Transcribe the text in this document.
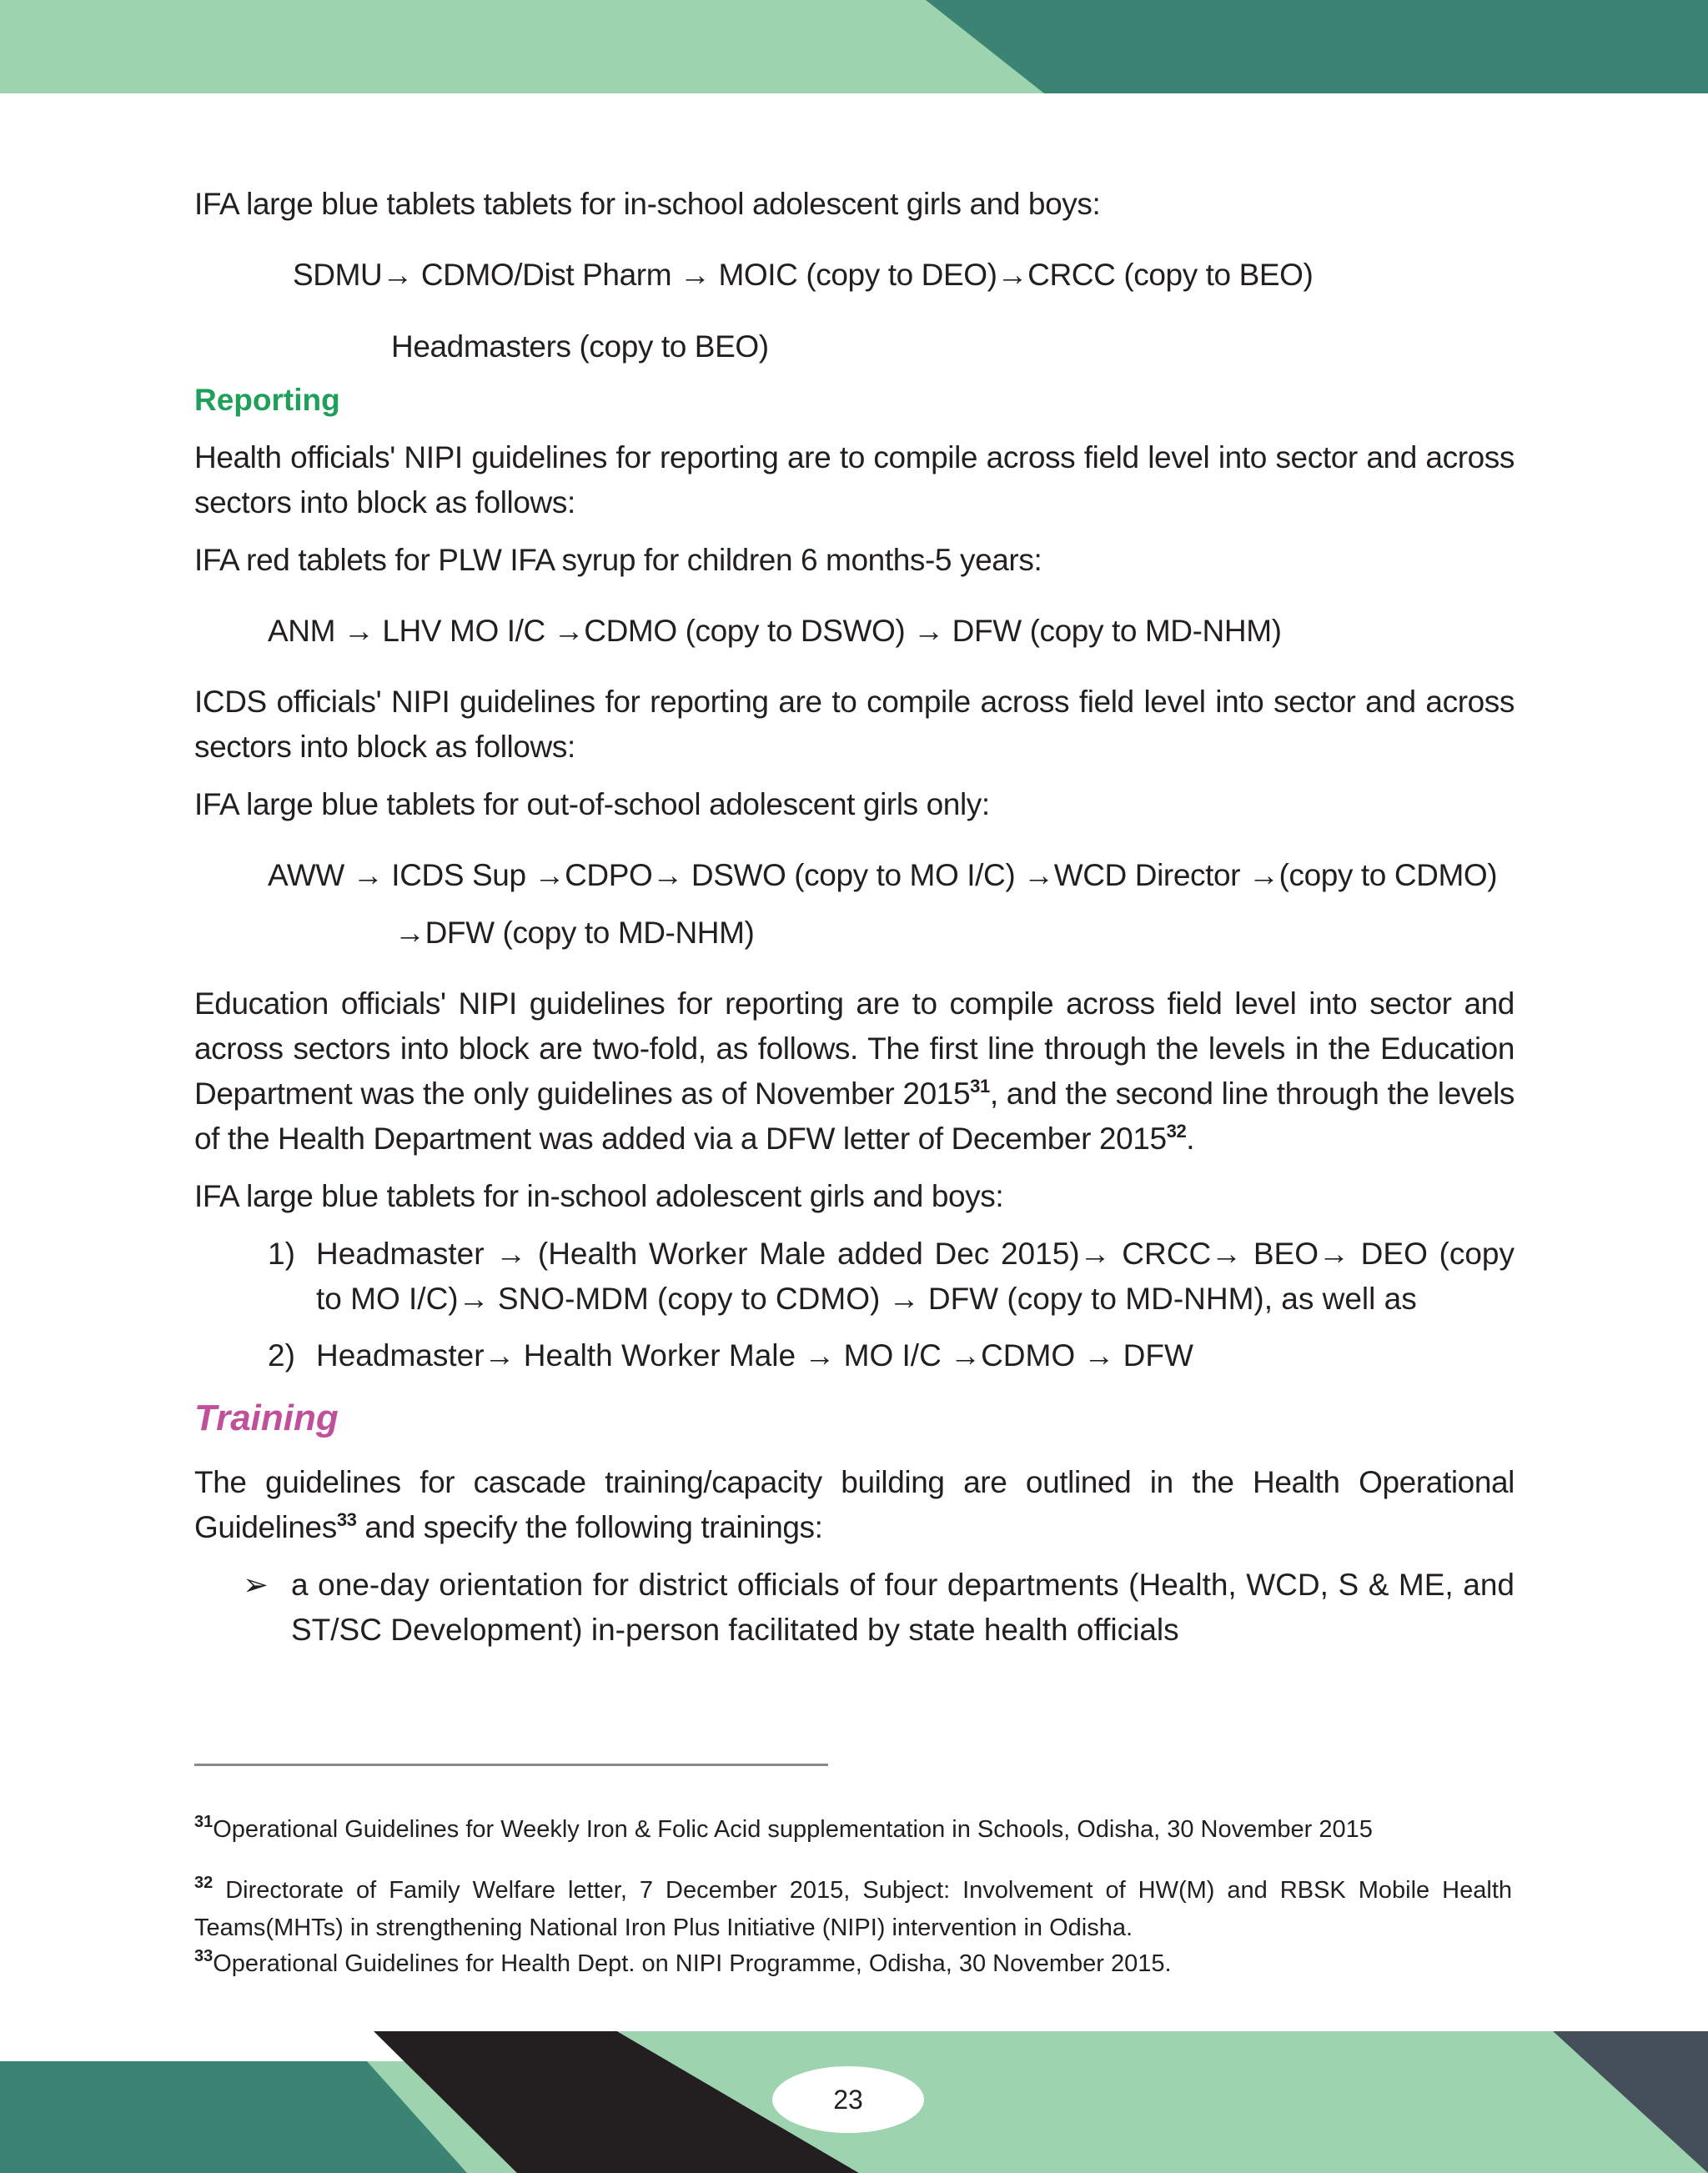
IFA large blue tablets tablets for in-school adolescent girls and boys:
SDMU→ CDMO/Dist Pharm → MOIC (copy to DEO)→CRCC (copy to BEO)
Headmasters (copy to BEO)
Reporting
Health officials' NIPI guidelines for reporting are to compile across field level into sector and across sectors into block as follows:
IFA red tablets for PLW IFA syrup for children 6 months-5 years:
ANM → LHV MO I/C →CDMO (copy to DSWO) → DFW (copy to MD-NHM)
ICDS officials' NIPI guidelines for reporting are to compile across field level into sector and across sectors into block as follows:
IFA large blue tablets for out-of-school adolescent girls only:
AWW → ICDS Sup →CDPO→ DSWO (copy to MO I/C) →WCD Director →(copy to CDMO)
→DFW (copy to MD-NHM)
Education officials' NIPI guidelines for reporting are to compile across field level into sector and across sectors into block are two-fold, as follows. The first line through the levels in the Education Department was the only guidelines as of November 2015$^{31}$, and the second line through the levels of the Health Department was added via a DFW letter of December 2015$^{32}$.
IFA large blue tablets for in-school adolescent girls and boys:
1) Headmaster → (Health Worker Male added Dec 2015)→ CRCC→ BEO→ DEO (copy to MO I/C)→ SNO-MDM (copy to CDMO) → DFW (copy to MD-NHM), as well as
2) Headmaster→ Health Worker Male → MO I/C →CDMO → DFW
Training
The guidelines for cascade training/capacity building are outlined in the Health Operational Guidelines$^{33}$ and specify the following trainings:
➢ a one-day orientation for district officials of four departments (Health, WCD, S & ME, and ST/SC Development) in-person facilitated by state health officials
$^{31}$Operational Guidelines for Weekly Iron & Folic Acid supplementation in Schools, Odisha, 30 November 2015
$^{32}$ Directorate of Family Welfare letter, 7 December 2015, Subject: Involvement of HW(M) and RBSK Mobile Health Teams(MHTs) in strengthening National Iron Plus Initiative (NIPI) intervention in Odisha.
$^{33}$Operational Guidelines for Health Dept. on NIPI Programme, Odisha, 30 November 2015.
23
